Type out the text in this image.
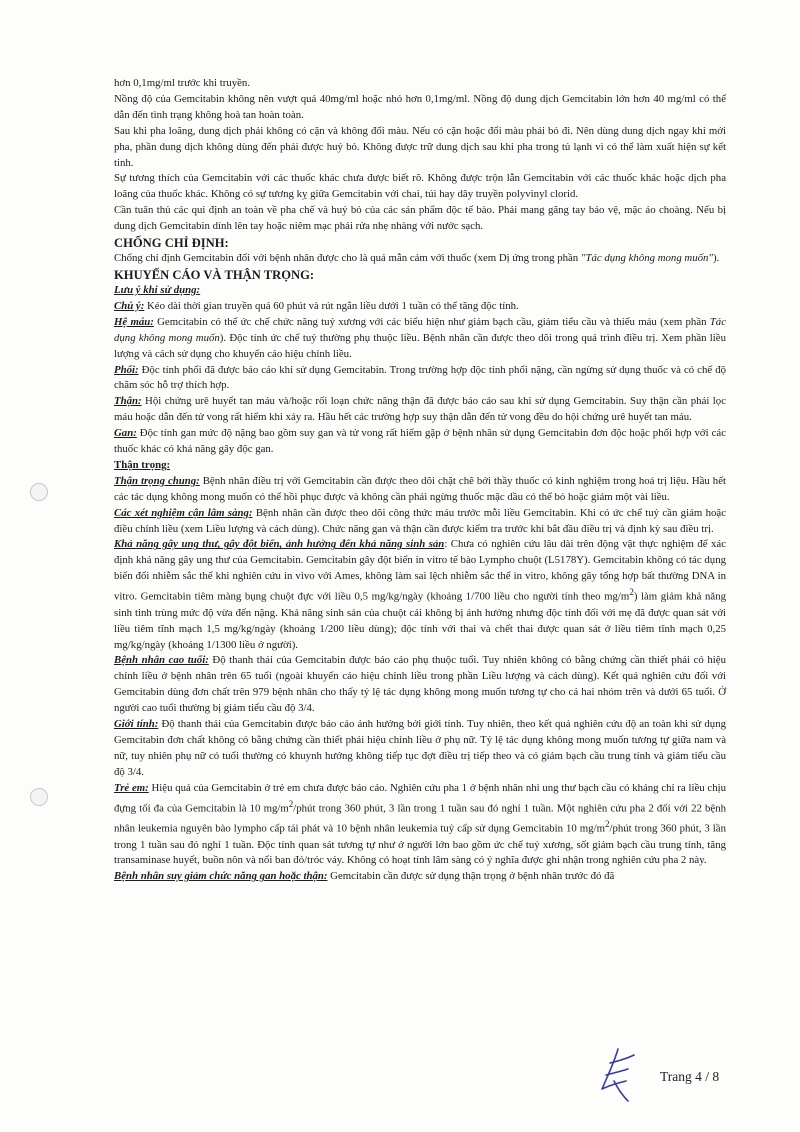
hơn 0,1mg/ml trước khi truyền.

Nồng độ của Gemcitabin không nên vượt quá 40mg/ml hoặc nhỏ hơn 0,1mg/ml. Nồng độ dung dịch Gemcitabin lớn hơn 40 mg/ml có thể dẫn đến tình trạng không hoà tan hoàn toàn.

Sau khi pha loãng, dung dịch phải không có cặn và không đổi màu. Nếu có cặn hoặc đổi màu phải bỏ đi. Nên dùng dung dịch ngay khi mới pha, phần dung dịch không dùng đến phải được huỷ bỏ. Không được trữ dung dịch sau khi pha trong tủ lạnh vì có thể làm xuất hiện sự kết tinh.

Sự tương thích của Gemcitabin với các thuốc khác chưa được biết rõ. Không được trộn lẫn Gemcitabin với các thuốc khác hoặc dịch pha loãng của thuốc khác. Không có sự tương kỵ giữa Gemcitabin với chai, túi hay dây truyền polyvinyl clorid.

Cần tuân thủ các qui định an toàn về pha chế và huỷ bỏ của các sản phẩm độc tế bào. Phải mang găng tay bảo vệ, mặc áo choàng. Nếu bị dung dịch Gemcitabin dính lên tay hoặc niêm mạc phải rửa nhẹ nhàng với nước sạch.

CHỐNG CHỈ ĐỊNH:

Chống chỉ định Gemcitabin đối với bệnh nhân được cho là quá mẫn cảm với thuốc (xem Dị ứng trong phần "Tác dụng không mong muốn").

KHUYẾN CÁO VÀ THẬN TRỌNG:

Lưu ý khi sử dụng:

Chú ý: Kéo dài thời gian truyền quá 60 phút và rút ngắn liều dưới 1 tuần có thể tăng độc tính.

Hệ máu: Gemcitabin có thể ức chế chức năng tuỷ xương với các biểu hiện như giảm bạch cầu, giảm tiểu cầu và thiếu máu (xem phần Tác dụng không mong muốn). Độc tính ức chế tuỷ thường phụ thuộc liều. Bệnh nhân cần được theo dõi trong quá trình điều trị. Xem phần liều lượng và cách sử dụng cho khuyến cáo hiệu chỉnh liều.

Phổi: Độc tính phổi đã được báo cáo khi sử dụng Gemcitabin. Trong trường hợp độc tính phổi nặng, cần ngừng sử dụng thuốc và có chế độ chăm sóc hỗ trợ thích hợp.

Thận: Hội chứng urê huyết tan máu và/hoặc rối loạn chức năng thận đã được báo cáo sau khi sử dụng Gemcitabin. Suy thận cần phải lọc máu hoặc dẫn đến tử vong rất hiếm khi xảy ra. Hầu hết các trường hợp suy thận dẫn đến tử vong đều do hội chứng urê huyết tan máu.

Gan: Độc tính gan mức độ nặng bao gồm suy gan và tử vong rất hiếm gặp ở bệnh nhân sử dụng Gemcitabin đơn độc hoặc phối hợp với các thuốc khác có khả năng gây độc gan.

Thận trọng:

Thận trọng chung: Bệnh nhân điều trị với Gemcitabin cần được theo dõi chặt chẽ bởi thầy thuốc có kinh nghiệm trong hoá trị liệu. Hầu hết các tác dụng không mong muốn có thể hồi phục được và không cần phải ngừng thuốc mặc dầu có thể bỏ hoặc giảm một vài liều.

Các xét nghiệm cận lâm sàng: Bệnh nhân cần được theo dõi công thức máu trước mỗi liều Gemcitabin. Khi có ức chế tuỷ cần giảm hoặc điều chỉnh liều (xem Liều lượng và cách dùng). Chức năng gan và thận cần được kiểm tra trước khi bắt đầu điều trị và định kỳ sau điều trị.

Khả năng gây ung thư, gây đột biến, ảnh hưởng đến khả năng sinh sản: Chưa có nghiên cứu lâu dài trên động vật thực nghiệm để xác định khả năng gây ung thư của Gemcitabin. Gemcitabin gây đột biến in vitro tế bào Lympho chuột (L5178Y). Gemcitabin không có tác dụng biến đổi nhiễm sắc thể khi nghiên cứu in vivo với Ames, không làm sai lệch nhiễm sắc thể in vitro, không gây tổng hợp bất thường DNA in vitro. Gemcitabin tiêm màng bụng chuột đực với liều 0,5 mg/kg/ngày (khoảng 1/700 liều cho người tính theo $mg/m^2$) làm giảm khả năng sinh tinh trùng mức độ vừa đến nặng. Khả năng sinh sản của chuột cái không bị ảnh hưởng nhưng độc tính đối với mẹ đã được quan sát với liều tiêm tĩnh mạch 1,5 mg/kg/ngày (khoảng 1/200 liều dùng); độc tính với thai và chết thai được quan sát ở liều tiêm tĩnh mạch 0,25 mg/kg/ngày (khoảng 1/1300 liều ở người).

Bệnh nhân cao tuổi: Độ thanh thải của Gemcitabin được báo cáo phụ thuộc tuổi. Tuy nhiên không có bằng chứng cần thiết phải có hiệu chỉnh liều ở bệnh nhân trên 65 tuổi (ngoài khuyến cáo hiệu chỉnh liều trong phần Liều lượng và cách dùng). Kết quả nghiên cứu đối với Gemcitabin dùng đơn chất trên 979 bệnh nhân cho thấy tỷ lệ tác dụng không mong muốn tương tự cho cả hai nhóm trên và dưới 65 tuổi. Ở người cao tuổi thường bị giảm tiểu cầu độ 3/4.

Giới tính: Độ thanh thải của Gemcitabin được báo cáo ảnh hưởng bởi giới tính. Tuy nhiên, theo kết quả nghiên cứu độ an toàn khi sử dụng Gemcitabin đơn chất không có bằng chứng cần thiết phải hiệu chỉnh liều ở phụ nữ. Tỷ lệ tác dụng không mong muốn tương tự giữa nam và nữ, tuy nhiên phụ nữ có tuổi thường có khuynh hướng không tiếp tục đợt điều trị tiếp theo và có giảm bạch cầu trung tính và giảm tiểu cầu độ 3/4.

Trẻ em: Hiệu quả của Gemcitabin ở trẻ em chưa được báo cáo. Nghiên cứu pha 1 ở bệnh nhân nhi ung thư bạch cầu có kháng chỉ ra liều chịu đựng tối đa của Gemcitabin là 10 $mg/m^2$/phút trong 360 phút, 3 lần trong 1 tuần sau đó nghỉ 1 tuần. Một nghiên cứu pha 2 đối với 22 bệnh nhân leukemia nguyên bào lympho cấp tái phát và 10 bệnh nhân leukemia tuỷ cấp sử dụng Gemcitabin 10 $mg/m^2$/phút trong 360 phút, 3 lần trong 1 tuần sau đó nghỉ 1 tuần. Độc tính quan sát tương tự như ở người lớn bao gồm ức chế tuỷ xương, sốt giảm bạch cầu trung tính, tăng transaminase huyết, buồn nôn và nổi ban đỏ/tróc vảy. Không có hoạt tính lâm sàng có ý nghĩa được ghi nhận trong nghiên cứu pha 2 này.

Bệnh nhân suy giảm chức năng gan hoặc thận: Gemcitabin cần được sử dụng thận trọng ở bệnh nhân trước đó đã

Trang 4 / 8
